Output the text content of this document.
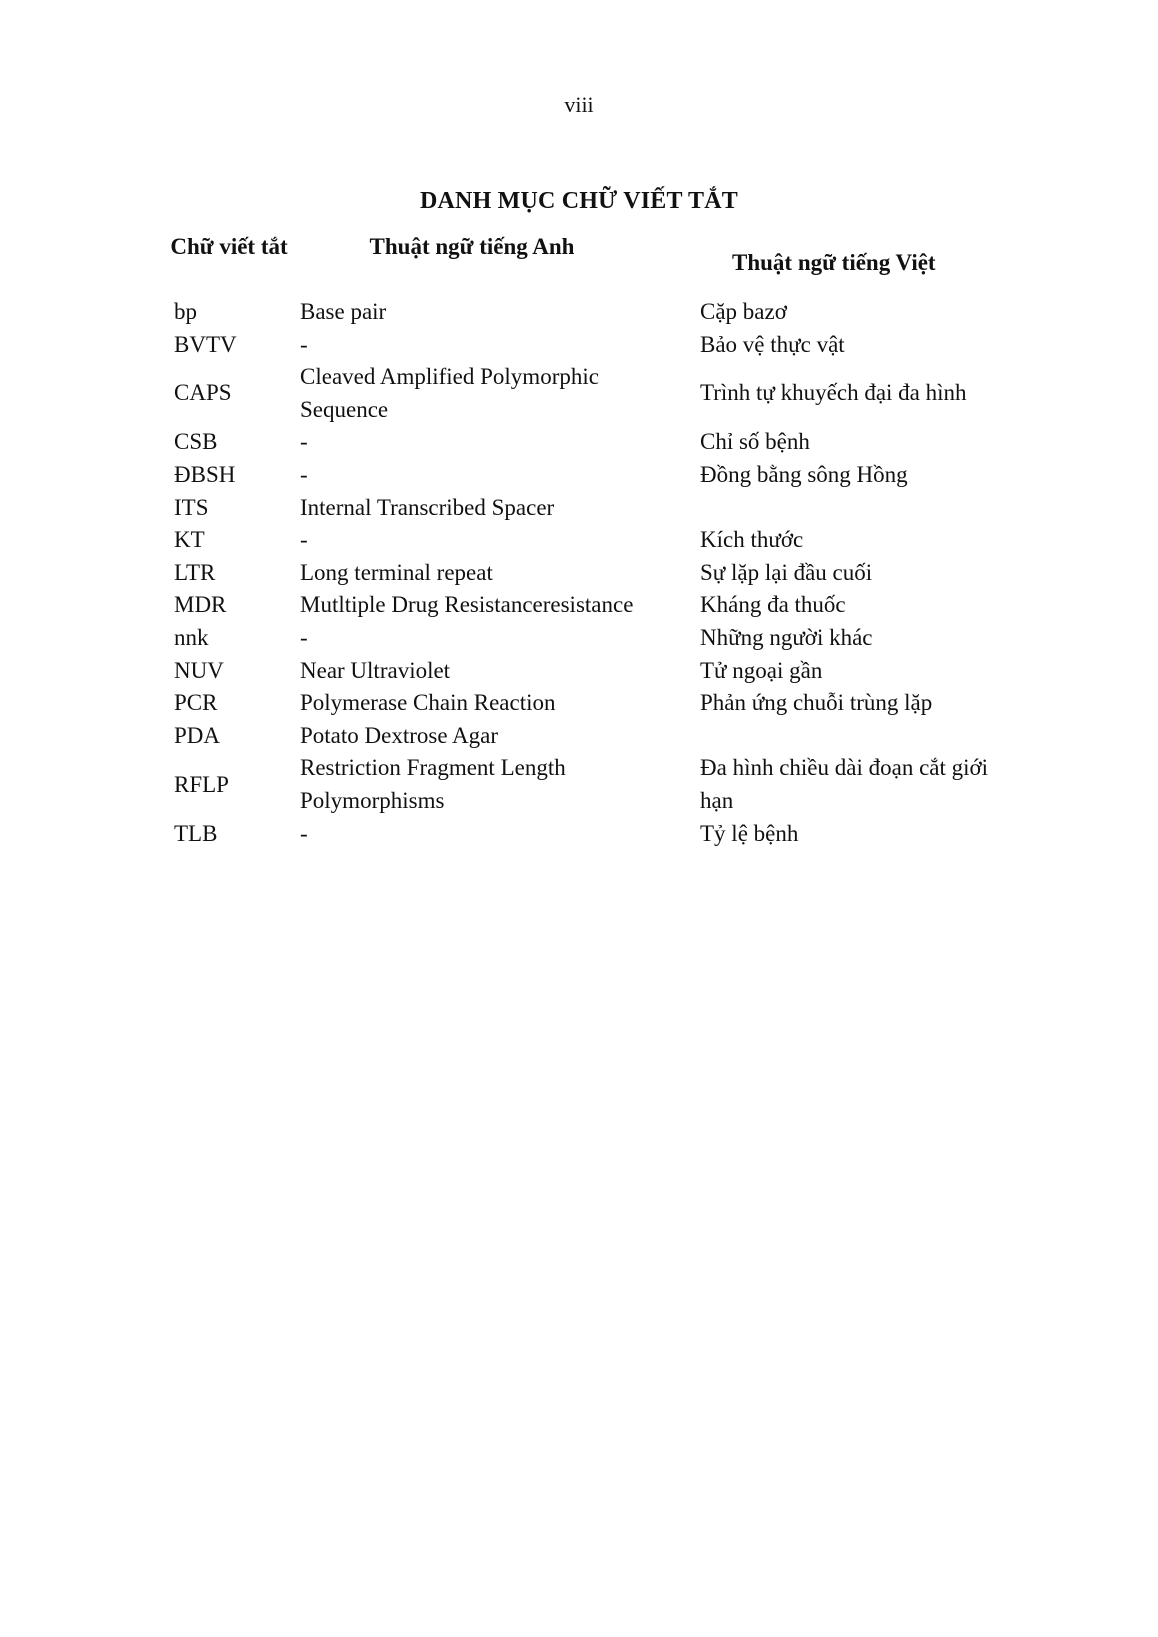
viii
DANH MỤC CHỮ VIẾT TẮT
Chữ viết tắt	Thuật ngữ tiếng Anh	Thuật ngữ tiếng Việt
bp	Base pair	Cặp bazơ
BVTV	-	Bảo vệ thực vật
CAPS	Cleaved Amplified Polymorphic Sequence	Trình tự khuyếch đại đa hình
CSB	-	Chỉ số bệnh
ĐBSH	-	Đồng bằng sông Hồng
ITS	Internal Transcribed Spacer	
KT	-	Kích thước
LTR	Long terminal repeat	Sự lặp lại đầu cuối
MDR	Mutltiple Drug Resistanceresistance	Kháng đa thuốc
nnk	-	Những người khác
NUV	Near Ultraviolet	Tử ngoại gần
PCR	Polymerase Chain Reaction	Phản ứng chuỗi trùng lặp
PDA	Potato Dextrose Agar	
RFLP	Restriction Fragment Length Polymorphisms	Đa hình chiều dài đoạn cắt giới hạn
TLB	-	Tỷ lệ bệnh
